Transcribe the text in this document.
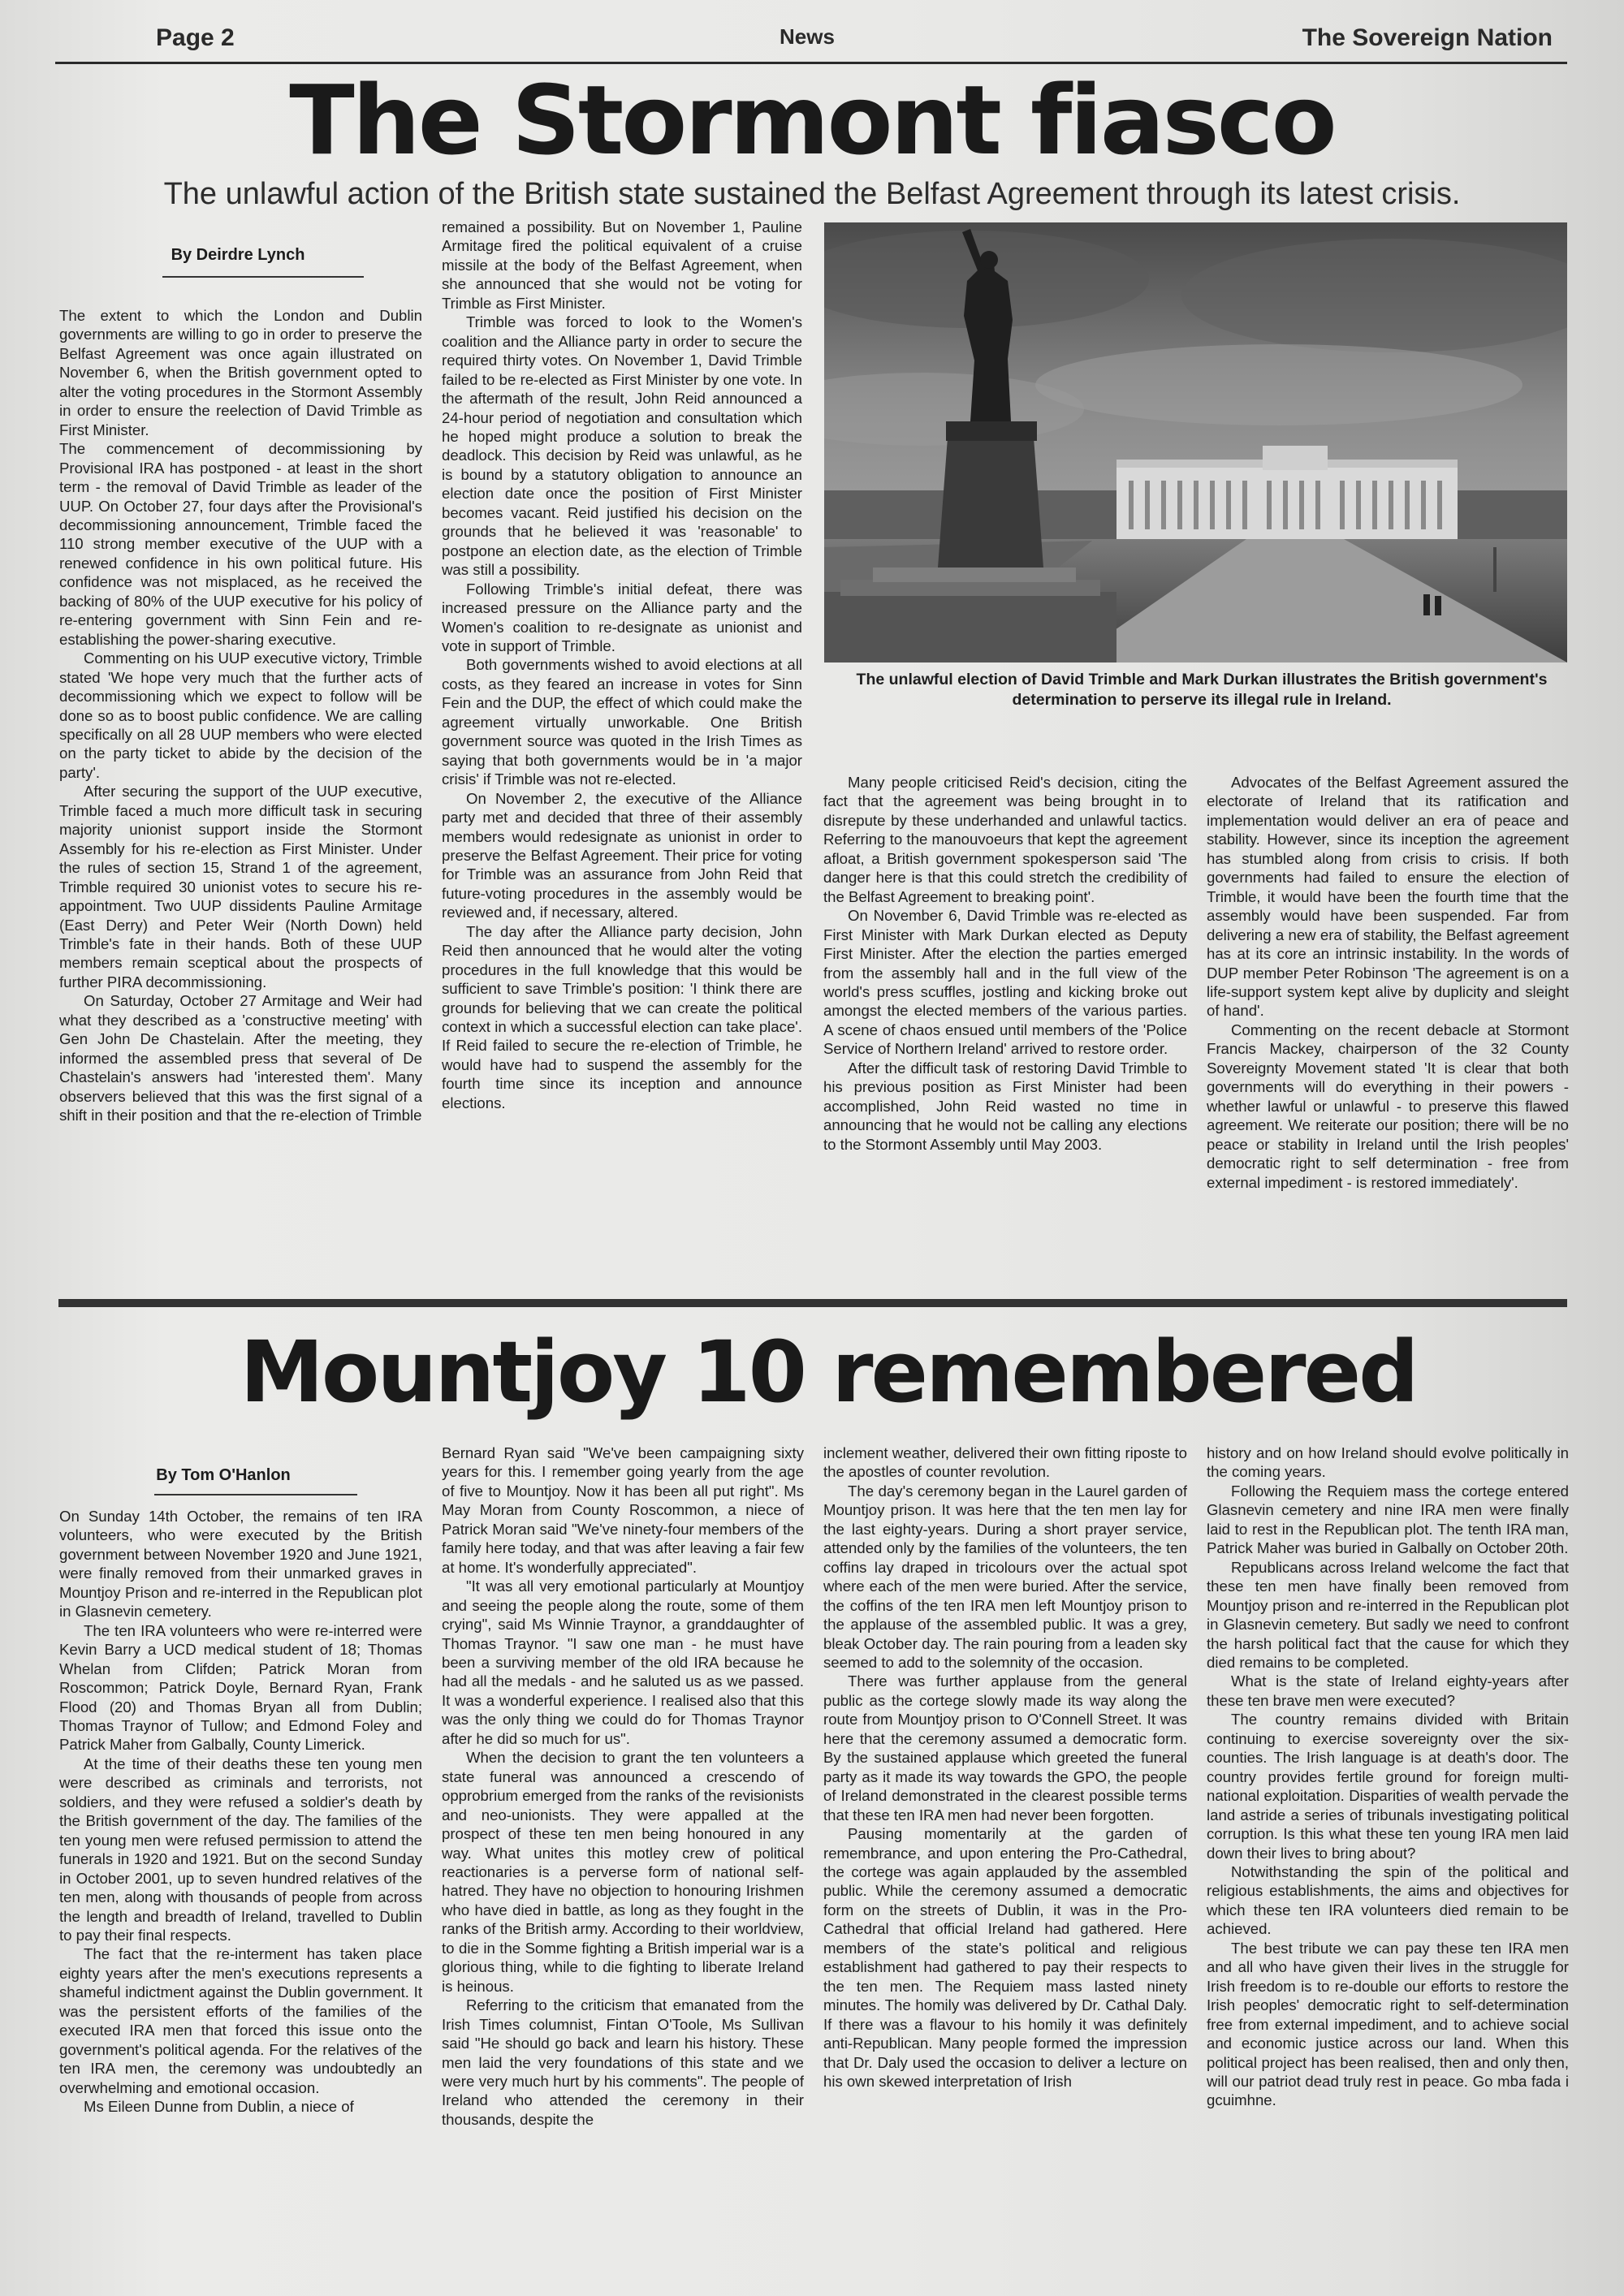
Page 2	News	The Sovereign Nation
The Stormont fiasco
The unlawful action of the British state sustained the Belfast Agreement through its latest crisis.
By Deirdre Lynch

The extent to which the London and Dublin governments are willing to go in order to preserve the Belfast Agreement was once again illustrated on November 6, when the British government opted to alter the voting procedures in the Stormont Assembly in order to ensure the reelection of David Trimble as First Minister.

The commencement of decommissioning by Provisional IRA has postponed - at least in the short term - the removal of David Trimble as leader of the UUP. On October 27, four days after the Provisional's decommissioning announcement, Trimble faced the 110 strong member executive of the UUP with a renewed confidence in his own political future. His confidence was not misplaced, as he received the backing of 80% of the UUP executive for his policy of re-entering government with Sinn Fein and re-establishing the power-sharing executive.

Commenting on his UUP executive victory, Trimble stated 'We hope very much that the further acts of decommissioning which we expect to follow will be done so as to boost public confidence. We are calling specifically on all 28 UUP members who were elected on the party ticket to abide by the decision of the party'.

After securing the support of the UUP executive, Trimble faced a much more difficult task in securing majority unionist support inside the Stormont Assembly for his re-election as First Minister. Under the rules of section 15, Strand 1 of the agreement, Trimble required 30 unionist votes to secure his re-appointment. Two UUP dissidents Pauline Armitage (East Derry) and Peter Weir (North Down) held Trimble's fate in their hands. Both of these UUP members remain sceptical about the prospects of further PIRA decommissioning.

On Saturday, October 27 Armitage and Weir had what they described as a 'constructive meeting' with Gen John De Chastelain. After the meeting, they informed the assembled press that several of De Chastelain's answers had 'interested them'. Many observers believed that this was the first signal of a shift in their position and that the re-election of Trimble

remained a possibility. But on November 1, Pauline Armitage fired the political equivalent of a cruise missile at the body of the Belfast Agreement, when she announced that she would not be voting for Trimble as First Minister.

Trimble was forced to look to the Women's coalition and the Alliance party in order to secure the required thirty votes. On November 1, David Trimble failed to be re-elected as First Minister by one vote. In the aftermath of the result, John Reid announced a 24-hour period of negotiation and consultation which he hoped might produce a solution to break the deadlock. This decision by Reid was unlawful, as he is bound by a statutory obligation to announce an election date once the position of First Minister becomes vacant. Reid justified his decision on the grounds that he believed it was 'reasonable' to postpone an election date, as the election of Trimble was still a possibility.

Following Trimble's initial defeat, there was increased pressure on the Alliance party and the Women's coalition to re-designate as unionist and vote in support of Trimble.

Both governments wished to avoid elections at all costs, as they feared an increase in votes for Sinn Fein and the DUP, the effect of which could make the agreement virtually unworkable. One British government source was quoted in the Irish Times as saying that both governments would be in 'a major crisis' if Trimble was not re-elected.

On November 2, the executive of the Alliance party met and decided that three of their assembly members would redesignate as unionist in order to preserve the Belfast Agreement. Their price for voting for Trimble was an assurance from John Reid that future-voting procedures in the assembly would be reviewed and, if necessary, altered.

The day after the Alliance party decision, John Reid then announced that he would alter the voting procedures in the full knowledge that this would be sufficient to save Trimble's position: 'I think there are grounds for believing that we can create the political context in which a successful election can take place'. If Reid failed to secure the re-election of Trimble, he would have had to suspend the assembly for the fourth time since its inception and announce elections.

The unlawful election of David Trimble and Mark Durkan illustrates the British government's determination to perserve its illegal rule in Ireland.

Many people criticised Reid's decision, citing the fact that the agreement was being brought in to disrepute by these underhanded and unlawful tactics. Referring to the manouvoeurs that kept the agreement afloat, a British government spokesperson said 'The danger here is that this could stretch the credibility of the Belfast Agreement to breaking point'.

On November 6, David Trimble was re-elected as First Minister with Mark Durkan elected as Deputy First Minister. After the election the parties emerged from the assembly hall and in the full view of the world's press scuffles, jostling and kicking broke out amongst the elected members of the various parties. A scene of chaos ensued until members of the 'Police Service of Northern Ireland' arrived to restore order.

After the difficult task of restoring David Trimble to his previous position as First Minister had been accomplished, John Reid wasted no time in announcing that he would not be calling any elections to the Stormont Assembly until May 2003.

Advocates of the Belfast Agreement assured the electorate of Ireland that its ratification and implementation would deliver an era of peace and stability. However, since its inception the agreement has stumbled along from crisis to crisis. If both governments had failed to ensure the election of Trimble, it would have been the fourth time that the assembly would have been suspended. Far from delivering a new era of stability, the Belfast agreement has at its core an intrinsic instability. In the words of DUP member Peter Robinson 'The agreement is on a life-support system kept alive by duplicity and sleight of hand'.

Commenting on the recent debacle at Stormont Francis Mackey, chairperson of the 32 County Sovereignty Movement stated 'It is clear that both governments will do everything in their powers - whether lawful or unlawful - to preserve this flawed agreement. We reiterate our position; there will be no peace or stability in Ireland until the Irish peoples' democratic right to self determination - free from external impediment - is restored immediately'.

Mountjoy 10 remembered
By Tom O'Hanlon

On Sunday 14th October, the remains of ten IRA volunteers, who were executed by the British government between November 1920 and June 1921, were finally removed from their unmarked graves in Mountjoy Prison and re-interred in the Republican plot in Glasnevin cemetery.

The ten IRA volunteers who were re-interred were Kevin Barry a UCD medical student of 18; Thomas Whelan from Clifden; Patrick Moran from Roscommon; Patrick Doyle, Bernard Ryan, Frank Flood (20) and Thomas Bryan all from Dublin; Thomas Traynor of Tullow; and Edmond Foley and Patrick Maher from Galbally, County Limerick.

At the time of their deaths these ten young men were described as criminals and terrorists, not soldiers, and they were refused a soldier's death by the British government of the day. The families of the ten young men were refused permission to attend the funerals in 1920 and 1921. But on the second Sunday in October 2001, up to seven hundred relatives of the ten men, along with thousands of people from across the length and breadth of Ireland, travelled to Dublin to pay their final respects.

The fact that the re-interment has taken place eighty years after the men's executions represents a shameful indictment against the Dublin government. It was the persistent efforts of the families of the executed IRA men that forced this issue onto the government's political agenda. For the relatives of the ten IRA men, the ceremony was undoubtedly an overwhelming and emotional occasion.

Ms Eileen Dunne from Dublin, a niece of

Bernard Ryan said "We've been campaigning sixty years for this. I remember going yearly from the age of five to Mountjoy. Now it has been all put right". Ms May Moran from County Roscommon, a niece of Patrick Moran said "We've ninety-four members of the family here today, and that was after leaving a fair few at home. It's wonderfully appreciated".

"It was all very emotional particularly at Mountjoy and seeing the people along the route, some of them crying", said Ms Winnie Traynor, a granddaughter of Thomas Traynor. "I saw one man - he must have been a surviving member of the old IRA because he had all the medals - and he saluted us as we passed. It was a wonderful experience. I realised also that this was the only thing we could do for Thomas Traynor after he did so much for us".

When the decision to grant the ten volunteers a state funeral was announced a crescendo of opprobrium emerged from the ranks of the revisionists and neo-unionists. They were appalled at the prospect of these ten men being honoured in any way. What unites this motley crew of political reactionaries is a perverse form of national self-hatred. They have no objection to honouring Irishmen who have died in battle, as long as they fought in the ranks of the British army. According to their worldview, to die in the Somme fighting a British imperial war is a glorious thing, while to die fighting to liberate Ireland is heinous.

Referring to the criticism that emanated from the Irish Times columnist, Fintan O'Toole, Ms Sullivan said "He should go back and learn his history. These men laid the very foundations of this state and we were very much hurt by his comments". The people of Ireland who attended the ceremony in their thousands, despite the

inclement weather, delivered their own fitting riposte to the apostles of counter revolution.

The day's ceremony began in the Laurel garden of Mountjoy prison. It was here that the ten men lay for the last eighty-years. During a short prayer service, attended only by the families of the volunteers, the ten coffins lay draped in tricolours over the actual spot where each of the men were buried. After the service, the coffins of the ten IRA men left Mountjoy prison to the applause of the assembled public. It was a grey, bleak October day. The rain pouring from a leaden sky seemed to add to the solemnity of the occasion.

There was further applause from the general public as the cortege slowly made its way along the route from Mountjoy prison to O'Connell Street. It was here that the ceremony assumed a democratic form. By the sustained applause which greeted the funeral party as it made its way towards the GPO, the people of Ireland demonstrated in the clearest possible terms that these ten IRA men had never been forgotten.

Pausing momentarily at the garden of remembrance, and upon entering the Pro-Cathedral, the cortege was again applauded by the assembled public. While the ceremony assumed a democratic form on the streets of Dublin, it was in the Pro-Cathedral that official Ireland had gathered. Here members of the state's political and religious establishment had gathered to pay their respects to the ten men. The Requiem mass lasted ninety minutes. The homily was delivered by Dr. Cathal Daly. If there was a flavour to his homily it was definitely anti-Republican. Many people formed the impression that Dr. Daly used the occasion to deliver a lecture on his own skewed interpretation of Irish

history and on how Ireland should evolve politically in the coming years.

Following the Requiem mass the cortege entered Glasnevin cemetery and nine IRA men were finally laid to rest in the Republican plot. The tenth IRA man, Patrick Maher was buried in Galbally on October 20th.

Republicans across Ireland welcome the fact that these ten men have finally been removed from Mountjoy prison and re-interred in the Republican plot in Glasnevin cemetery. But sadly we need to confront the harsh political fact that the cause for which they died remains to be completed.

What is the state of Ireland eighty-years after these ten brave men were executed?

The country remains divided with Britain continuing to exercise sovereignty over the six-counties. The Irish language is at death's door. The country provides fertile ground for foreign multi-national exploitation. Disparities of wealth pervade the land astride a series of tribunals investigating political corruption. Is this what these ten young IRA men laid down their lives to bring about?

Notwithstanding the spin of the political and religious establishments, the aims and objectives for which these ten IRA volunteers died remain to be achieved.

The best tribute we can pay these ten IRA men and all who have given their lives in the struggle for Irish freedom is to re-double our efforts to restore the Irish peoples' democratic right to self-determination free from external impediment, and to achieve social and economic justice across our land. When this political project has been realised, then and only then, will our patriot dead truly rest in peace. Go mba fada i gcuimhne.
